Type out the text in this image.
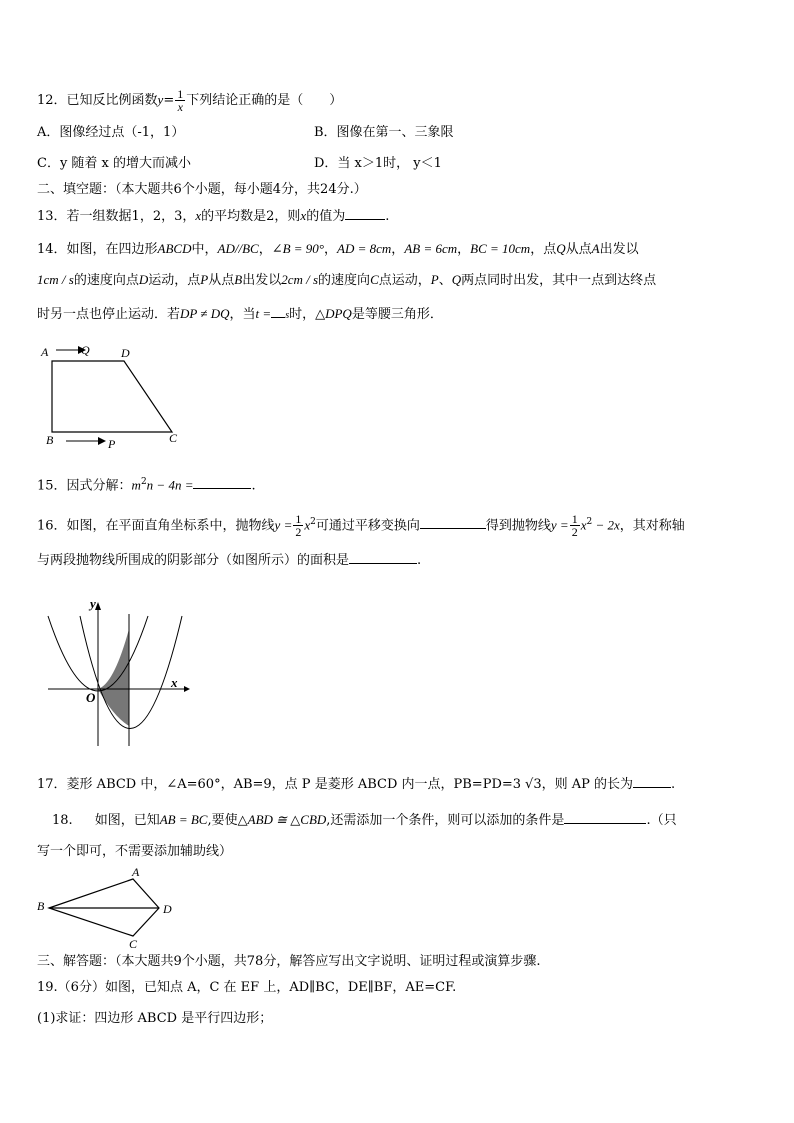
12．已知反比例函数$y= \frac{1}{x}$ 下列结论正确的是（　　）
A．图像经过点（-1，1）	B．图像在第一、三象限
C．y 随着 x 的增大而减小	D．当 x＞1时， y＜1
二、填空题：（本大题共6个小题，每小题4分，共24分.）
13．若一组数据1，2，3，x的平均数是2，则x的值为	.
14．如图，在四边形ABCD中，AD//BC，∠B = 90°，AD = 8cm，AB = 6cm，BC = 10cm，点Q从点A出发以
1cm / s的速度向点D运动，点P从点B出发以2cm / s的速度向C点运动，P、Q两点同时出发，其中一点到达终点
时另一点也停止运动．若DP ≠ DQ，当t = s时，△DPQ是等腰三角形．
A	Q	D
B	P	C
15．因式分解：$m^2n - 4n$ =	.
16．如图，在平面直角坐标系中，抛物线$y = \frac{1}{2} x^2$可通过平移变换向	得到抛物线$y = \frac{1}{2} x^2 - 2x$，其对称轴
与两段抛物线所围成的阴影部分（如图所示）的面积是	.
y
x
O
17．菱形 ABCD 中，∠A=60°，AB=9，点 P 是菱形 ABCD 内一点，PB=PD=3 √3，则 AP 的长为	.
18. 如图，已知AB = BC,要使△ABD ≅ △CBD,还需添加一个条件，则可以添加的条件是	.（只
写一个即可，不需要添加辅助线）
A
B	D
C
三、解答题：（本大题共9个小题，共78分，解答应写出文字说明、证明过程或演算步骤.
19.（6分）如图，已知点 A，C 在 EF 上，AD∥BC，DE∥BF，AE=CF.
(1)求证：四边形 ABCD 是平行四边形；
